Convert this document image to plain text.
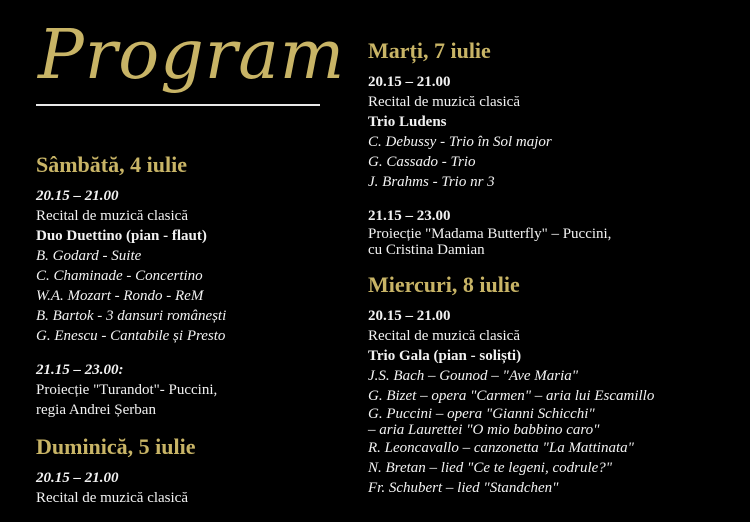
Program
Sâmbătă, 4 iulie
20.15 – 21.00
Recital de muzică clasică
Duo Duettino (pian - flaut)
B. Godard - Suite
C. Chaminade - Concertino
W.A. Mozart - Rondo - ReM
B. Bartok - 3 dansuri românești
G. Enescu - Cantabile și Presto
21.15 – 23.00:
Proiecție "Turandot"- Puccini,
regia Andrei Șerban
Duminică, 5 iulie
20.15 – 21.00
Recital de muzică clasică
Marți, 7 iulie
20.15 – 21.00
Recital de muzică clasică
Trio Ludens
C. Debussy - Trio în Sol major
G. Cassado - Trio
J. Brahms - Trio nr 3
21.15 – 23.00
Proiecție "Madama Butterfly" – Puccini,
cu Cristina Damian
Miercuri, 8 iulie
20.15 – 21.00
Recital de muzică clasică
Trio Gala (pian - soliști)
J.S. Bach – Gounod – "Ave Maria"
G. Bizet – opera "Carmen" – aria lui Escamillo
G. Puccini – opera "Gianni Schicchi"
– aria Laurettei "O mio babbino caro"
R. Leoncavallo – canzonetta "La Mattinata"
N. Bretan – lied "Ce te legeni, codrule?"
Fr. Schubert – lied "Standchen"
